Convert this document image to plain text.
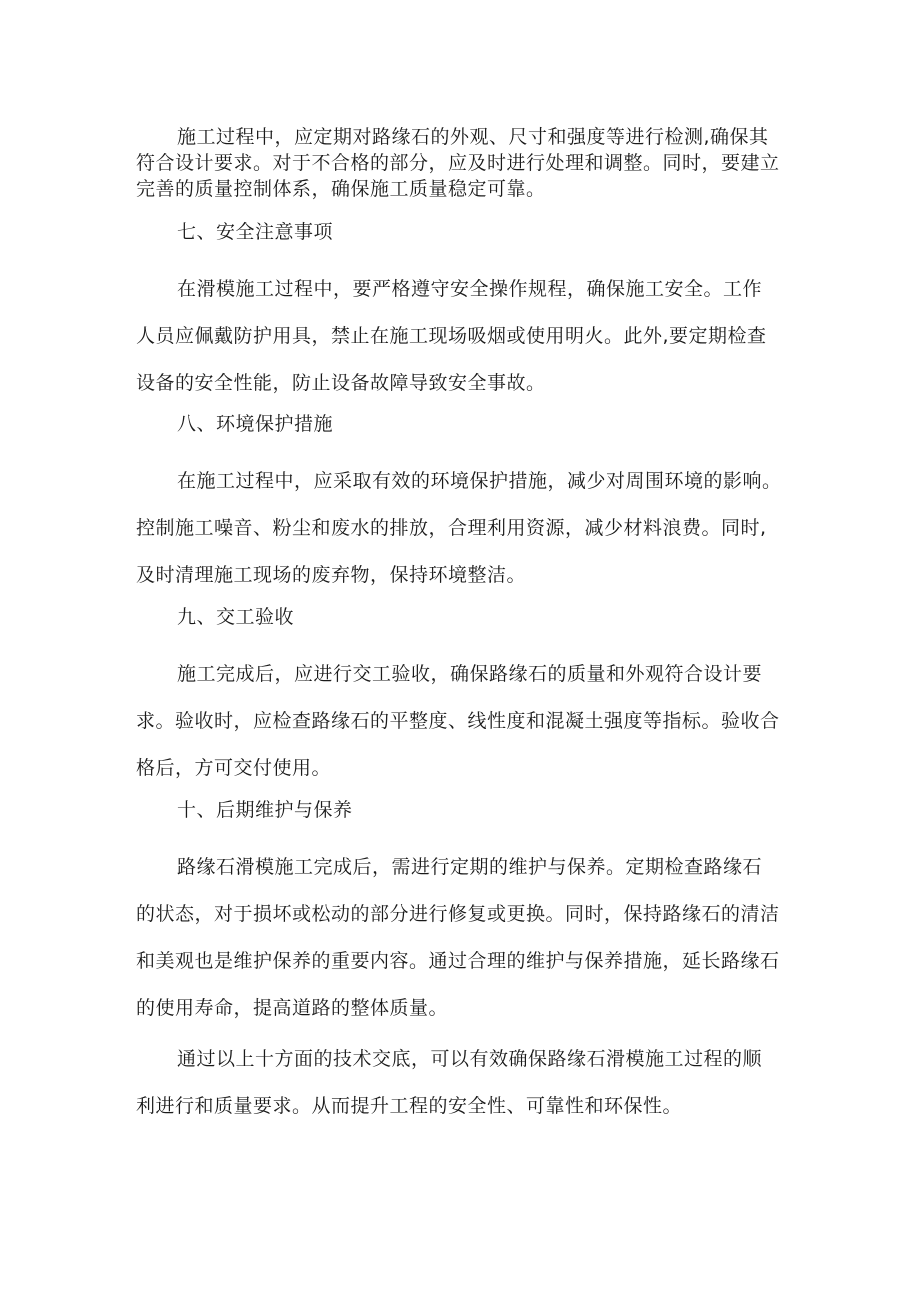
施工过程中，应定期对路缘石的外观、尺寸和强度等进行检测,确保其
符合设计要求。对于不合格的部分，应及时进行处理和调整。同时，要建立
完善的质量控制体系，确保施工质量稳定可靠。
七、安全注意事项
在滑模施工过程中，要严格遵守安全操作规程，确保施工安全。工作
人员应佩戴防护用具，禁止在施工现场吸烟或使用明火。此外,要定期检查
设备的安全性能，防止设备故障导致安全事故。
八、环境保护措施
在施工过程中，应采取有效的环境保护措施，减少对周围环境的影响。
控制施工噪音、粉尘和废水的排放，合理利用资源，减少材料浪费。同时,
及时清理施工现场的废弃物，保持环境整洁。
九、交工验收
施工完成后，应进行交工验收，确保路缘石的质量和外观符合设计要
求。验收时，应检查路缘石的平整度、线性度和混凝土强度等指标。验收合
格后，方可交付使用。
十、后期维护与保养
路缘石滑模施工完成后，需进行定期的维护与保养。定期检查路缘石
的状态，对于损坏或松动的部分进行修复或更换。同时，保持路缘石的清洁
和美观也是维护保养的重要内容。通过合理的维护与保养措施，延长路缘石
的使用寿命，提高道路的整体质量。
通过以上十方面的技术交底，可以有效确保路缘石滑模施工过程的顺
利进行和质量要求。从而提升工程的安全性、可靠性和环保性。
